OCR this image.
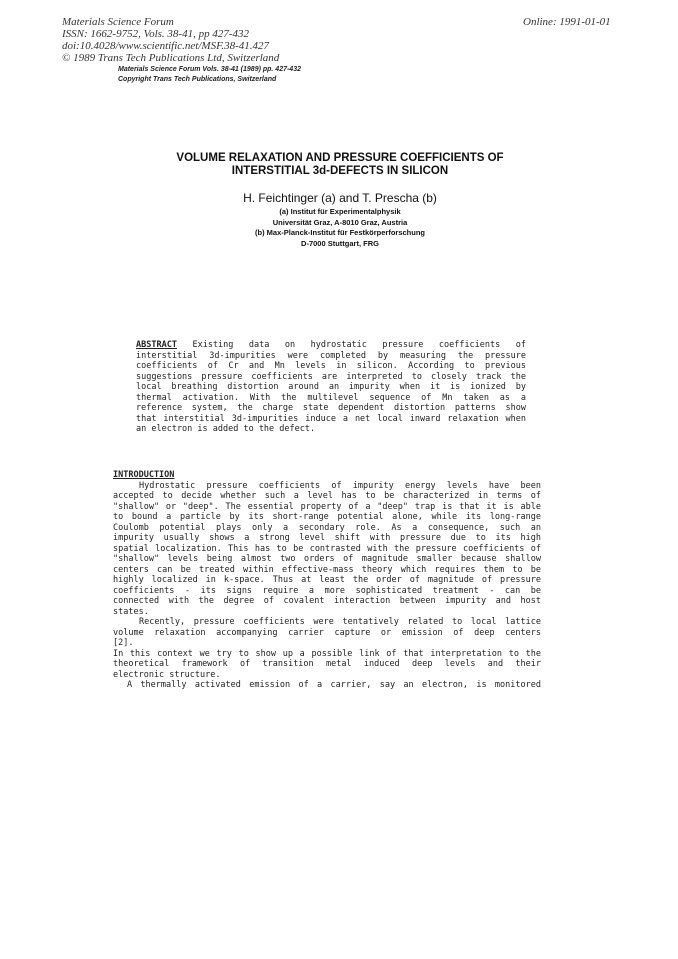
Materials Science Forum
ISSN: 1662-9752, Vols. 38-41, pp 427-432
doi:10.4028/www.scientific.net/MSF.38-41.427
© 1989 Trans Tech Publications Ltd, Switzerland
Online: 1991-01-01
Materials Science Forum Vols. 38-41 (1989) pp. 427-432
Copyright Trans Tech Publications, Switzerland
VOLUME RELAXATION AND PRESSURE COEFFICIENTS OF
INTERSTITIAL 3d-DEFECTS IN SILICON
H. Feichtinger (a) and T. Prescha (b)
(a) Institut für Experimentalphysik
Universität Graz, A-8010 Graz, Austria
(b) Max-Planck-Institut für Festkörperforschung
D-7000 Stuttgart, FRG
ABSTRACT Existing data on hydrostatic pressure coefficients of
interstitial 3d-impurities were completed by measuring the pressure
coefficients of Cr and Mn levels in silicon. According to previous
suggestions pressure coefficients are interpreted to closely track the
local breathing distortion around an impurity when it is ionized by
thermal activation. With the multilevel sequence of Mn taken as a
reference system, the charge state dependent distortion patterns show
that interstitial 3d-impurities induce a net local inward relaxation when
an electron is added to the defect.
INTRODUCTION
Hydrostatic pressure coefficients of impurity energy levels have been
accepted to decide whether such a level has to be characterized in terms of
"shallow" or "deep". The essential property of a "deep" trap is that it is able
to bound a particle by its short-range potential alone, while its long-range
Coulomb potential plays only a secondary role. As a consequence, such an
impurity usually shows a strong level shift with pressure due to its high
spatial localization. This has to be contrasted with the pressure coefficients of
"shallow" levels being almost two orders of magnitude smaller because shallow
centers can be treated within effective-mass theory which requires them to be
highly localized in k-space. Thus at least the order of magnitude of pressure
coefficients - its signs require a more sophisticated treatment - can be
connected with the degree of covalent interaction between impurity and host
states.
Recently, pressure coefficients were tentatively related to local lattice
volume relaxation accompanying carrier capture or emission of deep centers
[2].
In this context we try to show up a possible link of that interpretation to the
theoretical framework of transition metal induced deep levels and their
electronic structure.
A thermally activated emission of a carrier, say an electron, is monitored
